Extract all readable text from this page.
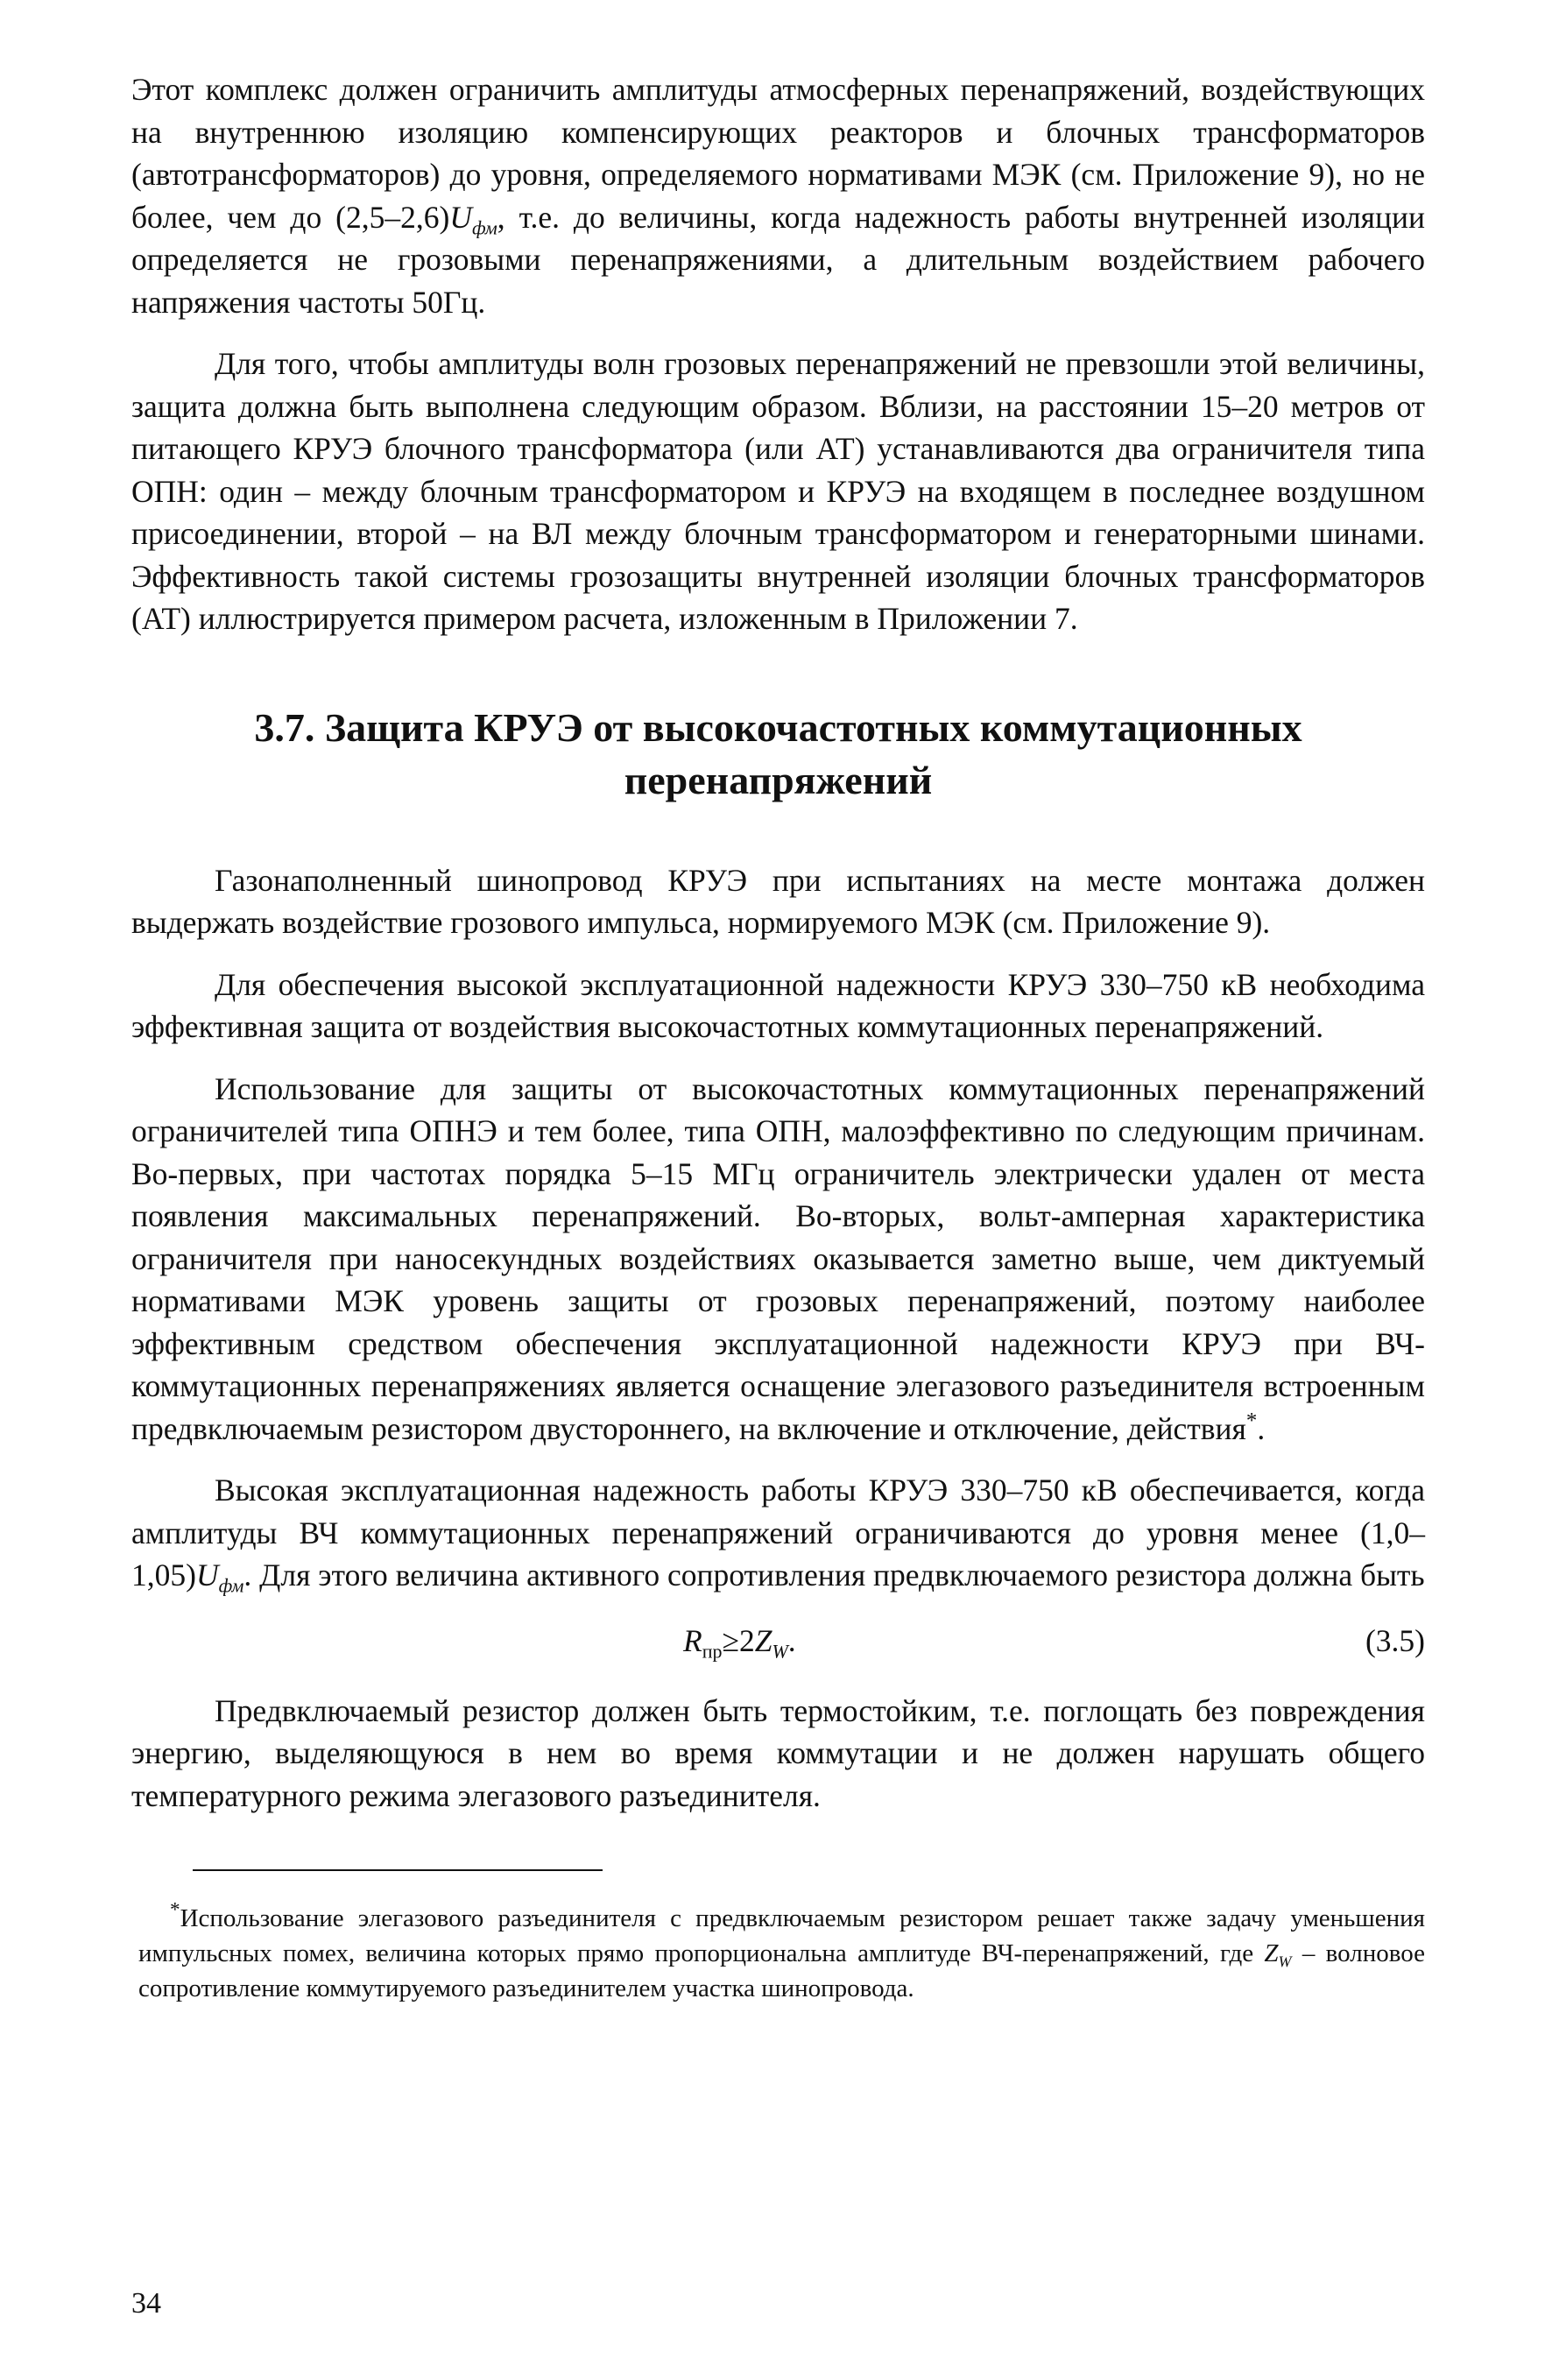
Этот комплекс должен ограничить амплитуды атмосферных перенапряжений, воздействующих на внутреннюю изоляцию компенсирующих реакторов и блочных трансформаторов (автотрансформаторов) до уровня, определяемого нормативами МЭК (см. Приложение 9), но не более, чем до $(2,5-2,6)U_{фм}$, т.е. до величины, когда надежность работы внутренней изоляции определяется не грозовыми перенапряжениями, а длительным воздействием рабочего напряжения частоты 50Гц.

Для того, чтобы амплитуды волн грозовых перенапряжений не превзошли этой величины, защита должна быть выполнена следующим образом. Вблизи, на расстоянии 15–20 метров от питающего КРУЭ блочного трансформатора (или АТ) устанавливаются два ограничителя типа ОПН: один – между блочным трансформатором и КРУЭ на входящем в последнее воздушном присоединении, второй – на ВЛ между блочным трансформатором и генераторными шинами. Эффективность такой системы грозозащиты внутренней изоляции блочных трансформаторов (АТ) иллюстрируется примером расчета, изложенным в Приложении 7.

3.7. Защита КРУЭ от высокочастотных коммутационных
перенапряжений

Газонаполненный шинопровод КРУЭ при испытаниях на месте монтажа должен выдержать воздействие грозового импульса, нормируемого МЭК (см. Приложение 9).

Для обеспечения высокой эксплуатационной надежности КРУЭ 330–750 кВ необходима эффективная защита от воздействия высокочастотных коммутационных перенапряжений.

Использование для защиты от высокочастотных коммутационных перенапряжений ограничителей типа ОПНЭ и тем более, типа ОПН, малоэффективно по следующим причинам. Во-первых, при частотах порядка 5–15 МГц ограничитель электрически удален от места появления максимальных перенапряжений. Во-вторых, вольт-амперная характеристика ограничителя при наносекундных воздействиях оказывается заметно выше, чем диктуемый нормативами МЭК уровень защиты от грозовых перенапряжений, поэтому наиболее эффективным средством обеспечения эксплуатационной надежности КРУЭ при ВЧ-коммутационных перенапряжениях является оснащение элегазового разъединителя встроенным предвключаемым резистором двустороннего, на включение и отключение, действия*.

Высокая эксплуатационная надежность работы КРУЭ 330–750 кВ обеспечивается, когда амплитуды ВЧ коммутационных перенапряжений ограничиваются до уровня менее $(1,0-1,05)U_{фм}$. Для этого величина активного сопротивления предвключаемого резистора должна быть

$R_{пр}\ge 2Z_W$.	(3.5)

Предвключаемый резистор должен быть термостойким, т.е. поглощать без повреждения энергию, выделяющуюся в нем во время коммутации и не должен нарушать общего температурного режима элегазового разъединителя.

*Использование элегазового разъединителя с предвключаемым резистором решает также задачу уменьшения импульсных помех, величина которых прямо пропорциональна амплитуде ВЧ-перенапряжений, где $Z_W$ – волновое сопротивление коммутируемого разъединителем участка шинопровода.

34
